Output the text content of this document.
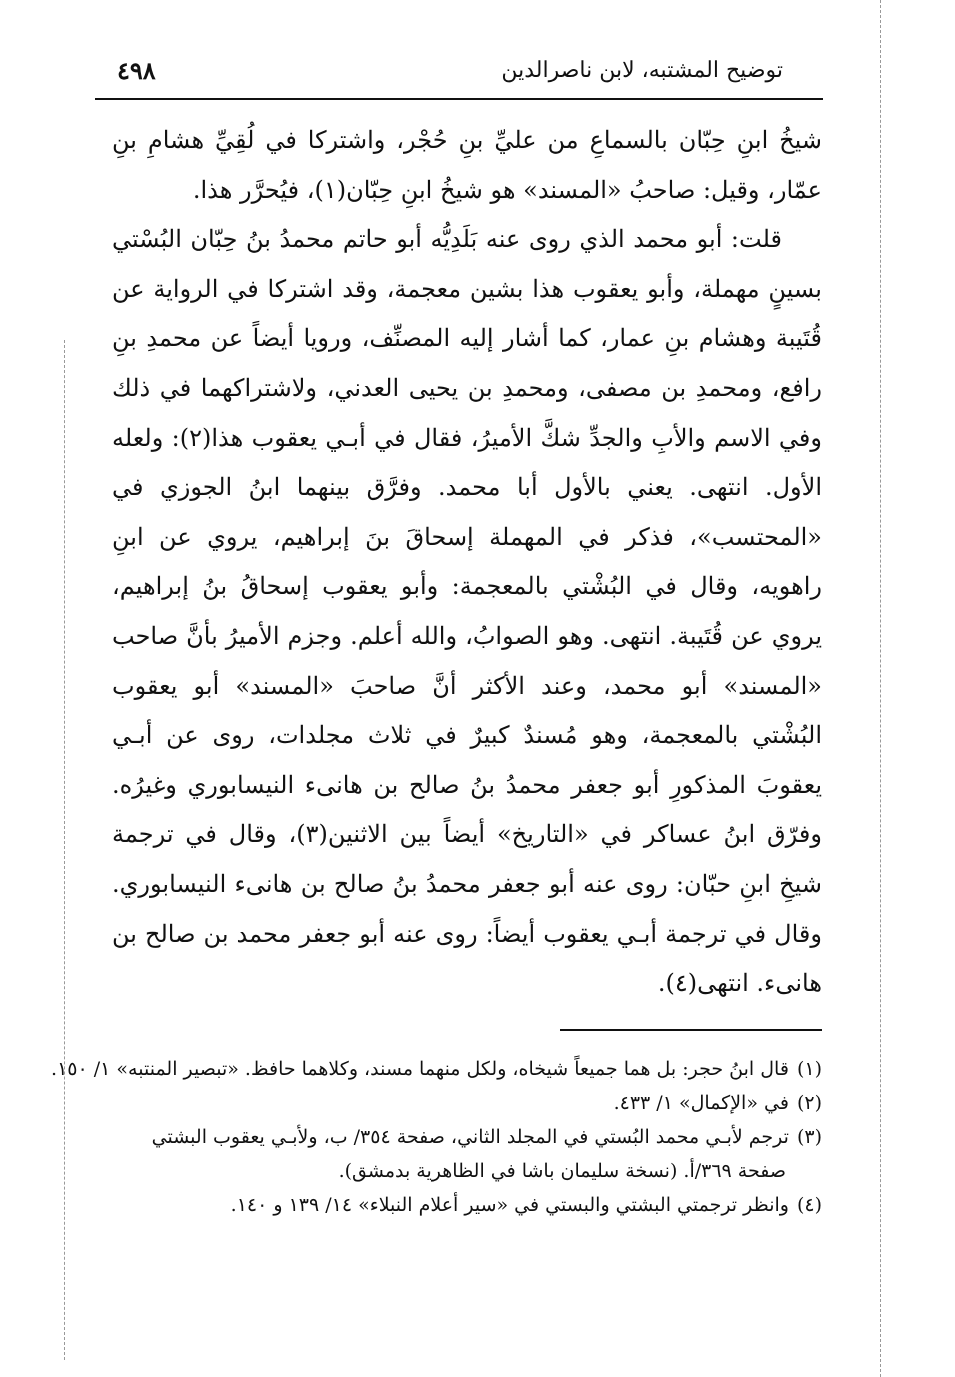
توضيح المشتبه، لابن ناصرالدين
٤٩٨

شيخُ ابنِ حِبّان بالسماعِ من عليِّ بنِ حُجْر، واشتركا في لُقِيِّ هشامِ بنِ عمّار، وقيل: صاحبُ «المسند» هو شيخُ ابنِ حِبّان(١)، فيُحرَّر هذا.

قلت: أبو محمد الذي روى عنه بَلَدِيُّه أبو حاتم محمدُ بنُ حِبّان البُسْتي بسينٍ مهملة، وأبو يعقوب هذا بشين معجمة، وقد اشتركا في الرواية عن قُتَيبة وهشام بنِ عمار، كما أشار إليه المصنِّف، ورويا أيضاً عن محمدِ بنِ رافع، ومحمدِ بن مصفى، ومحمدِ بن يحيى العدني، ولاشتراكهما في ذلك وفي الاسم والأبِ والجدِّ شكَّ الأميرُ، فقال في أبـي يعقوب هذا(٢): ولعله الأول. انتهى. يعني بالأول أبا محمد. وفرَّق بينهما ابنُ الجوزي في «المحتسب»، فذكر في المهملة إسحاقَ بنَ إبراهيم، يروي عن ابنِ راهويه، وقال في البُشْتي بالمعجمة: وأبو يعقوب إسحاقُ بنُ إبراهيم، يروي عن قُتَيبة. انتهى. وهو الصوابُ، والله أعلم. وجزم الأميرُ بأنَّ صاحب «المسند» أبو محمد، وعند الأكثر أنَّ صاحبَ «المسند» أبو يعقوب البُشْتي بالمعجمة، وهو مُسندٌ كبيرٌ في ثلاث مجلدات، روى عن أبـي يعقوبَ المذكورِ أبو جعفر محمدُ بنُ صالح بن هانىء النيسابوري وغيرُه. وفرّق ابنُ عساكر في «التاريخ» أيضاً بين الاثنين(٣)، وقال في ترجمة شيخِ ابنِ حبّان: روى عنه أبو جعفر محمدُ بنُ صالح بن هانىء النيسابوري. وقال في ترجمة أبـي يعقوب أيضاً: روى عنه أبو جعفر محمد بن صالح بن هانىء. انتهى(٤).

(١)قال ابنُ حجر: بل هما جميعاً شيخاه، ولكل منهما مسند، وكلاهما حافظ. «تبصير المنتبه» ١/ ١٥٠.

(٢)في «الإكمال» ١/ ٤٣٣.

(٣)ترجم لأبـي محمد البُستي في المجلد الثاني، صفحة ٣٥٤/ ب، ولأبـي يعقوب البشتي

صفحة ٣٦٩/أ. (نسخة سليمان باشا في الظاهرية بدمشق).

(٤)وانظر ترجمتي البشتي والبستي في «سير أعلام النبلاء» ١٤/ ١٣٩ و ١٤٠.
